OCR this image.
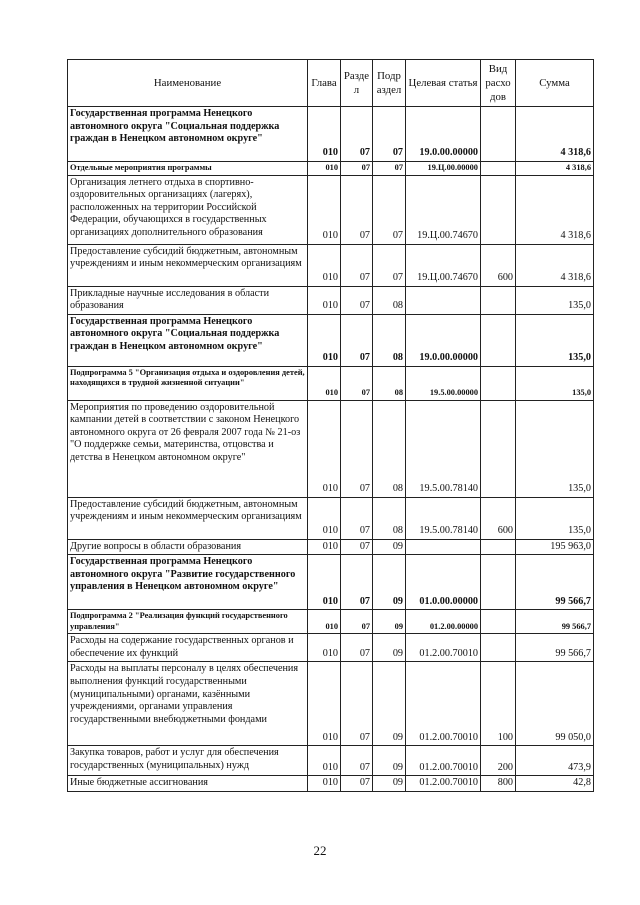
Наименование	Глава	Разде л	Подр аздел	Целевая статья	Вид расхо дов	Сумма
Государственная программа Ненецкого автономного округа "Социальная поддержка граждан в Ненецком автономном округе"	010	07	07	19.0.00.00000		4 318,6
Отдельные мероприятия программы	010	07	07	19.Ц.00.00000		4 318,6
Организация летнего отдыха в спортивно-оздоровительных организациях (лагерях), расположенных на территории Российской Федерации, обучающихся в государственных организациях дополнительного образования	010	07	07	19.Ц.00.74670		4 318,6
Предоставление субсидий бюджетным, автономным учреждениям и иным некоммерческим организациям	010	07	07	19.Ц.00.74670	600	4 318,6
Прикладные научные исследования в области образования	010	07	08			135,0
Государственная программа Ненецкого автономного округа "Социальная поддержка граждан в Ненецком автономном округе"	010	07	08	19.0.00.00000		135,0
Подпрограмма 5 "Организация отдыха и оздоровления детей, находящихся в трудной жизненной ситуации"	010	07	08	19.5.00.00000		135,0
Мероприятия по проведению оздоровительной кампании детей в соответствии с законом Ненецкого автономного округа от 26 февраля 2007 года № 21-оз "О поддержке семьи, материнства, отцовства и детства в Ненецком автономном округе"	010	07	08	19.5.00.78140		135,0
Предоставление субсидий бюджетным, автономным учреждениям и иным некоммерческим организациям	010	07	08	19.5.00.78140	600	135,0
Другие вопросы в области образования	010	07	09			195 963,0
Государственная программа Ненецкого автономного округа "Развитие государственного управления в Ненецком автономном округе"	010	07	09	01.0.00.00000		99 566,7
Подпрограмма 2 "Реализация функций государственного управления"	010	07	09	01.2.00.00000		99 566,7
Расходы на содержание государственных органов и обеспечение их функций	010	07	09	01.2.00.70010		99 566,7
Расходы на выплаты персоналу в целях обеспечения выполнения функций государственными (муниципальными) органами, казёнными учреждениями, органами управления государственными внебюджетными фондами	010	07	09	01.2.00.70010	100	99 050,0
Закупка товаров, работ и услуг для обеспечения государственных (муниципальных) нужд	010	07	09	01.2.00.70010	200	473,9
Иные бюджетные ассигнования	010	07	09	01.2.00.70010	800	42,8
22
